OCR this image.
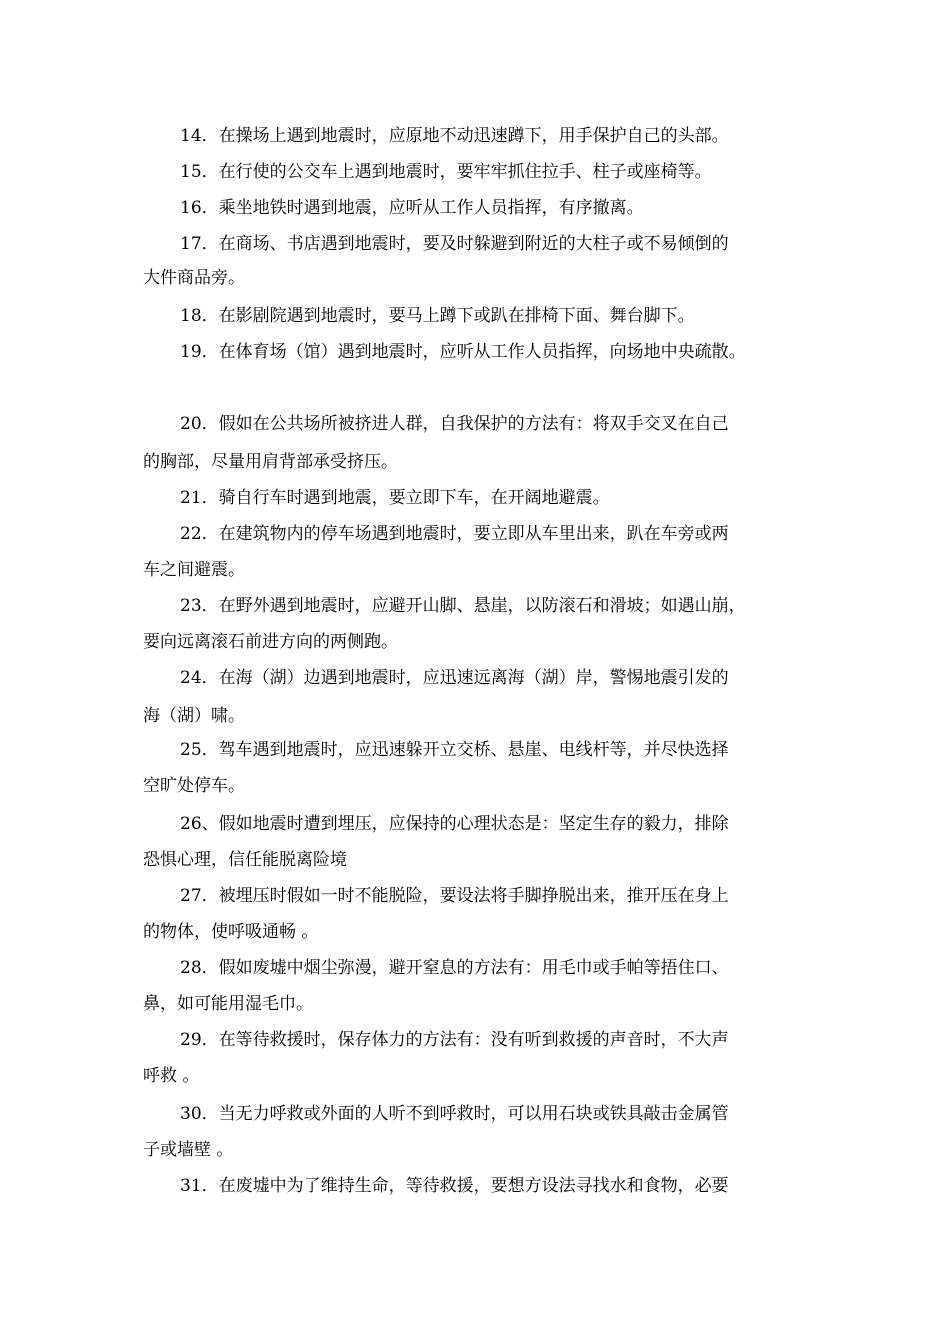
14．在操场上遇到地震时，应原地不动迅速蹲下，用手保护自己的头部。
15．在行使的公交车上遇到地震时，要牢牢抓住拉手、柱子或座椅等。
16．乘坐地铁时遇到地震，应听从工作人员指挥，有序撤离。
17．在商场、书店遇到地震时，要及时躲避到附近的大柱子或不易倾倒的
大件商品旁。
18．在影剧院遇到地震时，要马上蹲下或趴在排椅下面、舞台脚下。
19．在体育场（馆）遇到地震时，应听从工作人员指挥，向场地中央疏散。
20．假如在公共场所被挤进人群，自我保护的方法有：将双手交叉在自己
的胸部，尽量用肩背部承受挤压。
21．骑自行车时遇到地震，要立即下车，在开阔地避震。
22．在建筑物内的停车场遇到地震时，要立即从车里出来，趴在车旁或两
车之间避震。
23．在野外遇到地震时，应避开山脚、悬崖，以防滚石和滑坡；如遇山崩，
要向远离滚石前进方向的两侧跑。
24．在海（湖）边遇到地震时，应迅速远离海（湖）岸，警惕地震引发的
海（湖）啸。
25．驾车遇到地震时，应迅速躲开立交桥、悬崖、电线杆等，并尽快选择
空旷处停车。
26、假如地震时遭到埋压，应保持的心理状态是：坚定生存的毅力，排除
恐惧心理，信任能脱离险境
27．被埋压时假如一时不能脱险，要设法将手脚挣脱出来，推开压在身上
的物体，使呼吸通畅 。
28．假如废墟中烟尘弥漫，避开窒息的方法有：用毛巾或手帕等捂住口、
鼻，如可能用湿毛巾。
29．在等待救援时，保存体力的方法有：没有听到救援的声音时，不大声
呼救 。
30．当无力呼救或外面的人听不到呼救时，可以用石块或铁具敲击金属管
子或墙壁 。
31．在废墟中为了维持生命，等待救援，要想方设法寻找水和食物，必要
